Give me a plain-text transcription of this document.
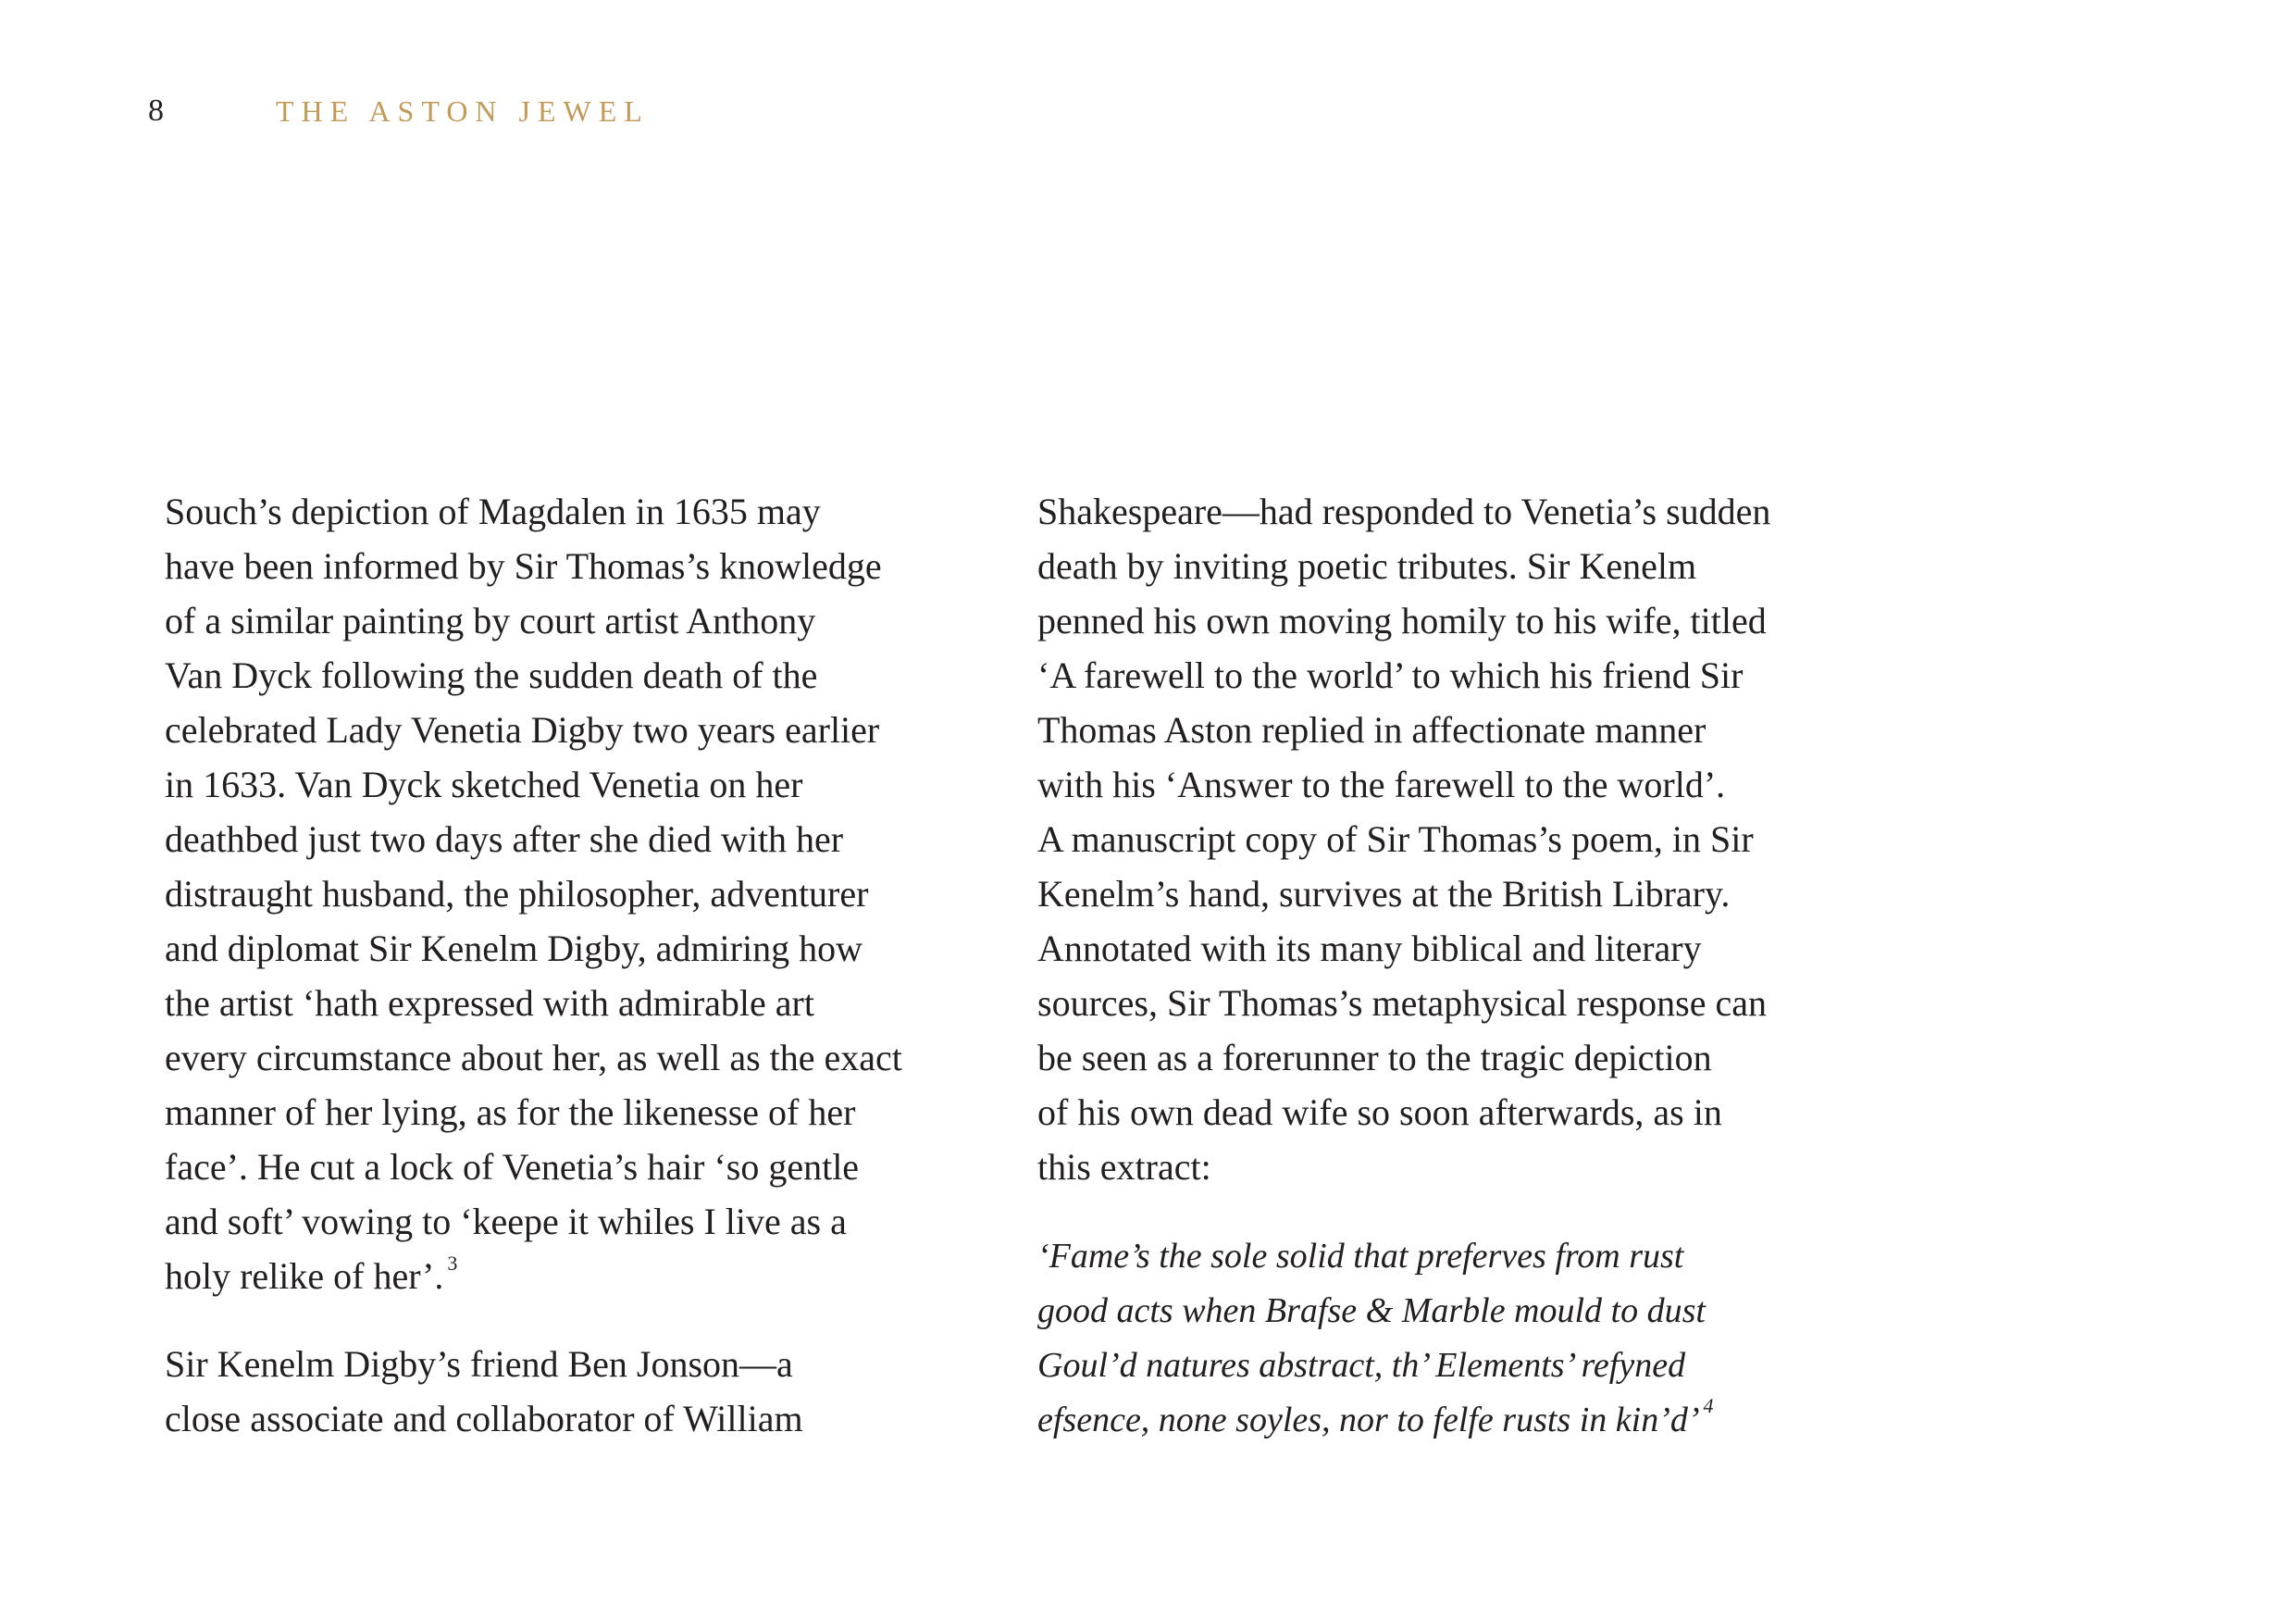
8	THE ASTON JEWEL
Souch’s depiction of Magdalen in 1635 may
have been informed by Sir Thomas’s knowledge
of a similar painting by court artist Anthony
Van Dyck following the sudden death of the
celebrated Lady Venetia Digby two years earlier
in 1633. Van Dyck sketched Venetia on her
deathbed just two days after she died with her
distraught husband, the philosopher, adventurer
and diplomat Sir Kenelm Digby, admiring how
the artist ‘hath expressed with admirable art
every circumstance about her, as well as the exact
manner of her lying, as for the likenesse of her
face’. He cut a lock of Venetia’s hair ‘so gentle
and soft’ vowing to ‘keepe it whiles I live as a
holy relike of her’. $^3$
Sir Kenelm Digby’s friend Ben Jonson—a
close associate and collaborator of William
Shakespeare—had responded to Venetia’s sudden
death by inviting poetic tributes. Sir Kenelm
penned his own moving homily to his wife, titled
‘A farewell to the world’ to which his friend Sir
Thomas Aston replied in affectionate manner
with his ‘Answer to the farewell to the world’.
A manuscript copy of Sir Thomas’s poem, in Sir
Kenelm’s hand, survives at the British Library.
Annotated with its many biblical and literary
sources, Sir Thomas’s metaphysical response can
be seen as a forerunner to the tragic depiction
of his own dead wife so soon afterwards, as in
this extract:
‘Fame’s the sole solid that preferves from rust
good acts when Brafse & Marble mould to dust
Goul’d natures abstract, th’ Elements’ refyned
efsence, none soyles, nor to felfe rusts in kin’d’ $^4$
